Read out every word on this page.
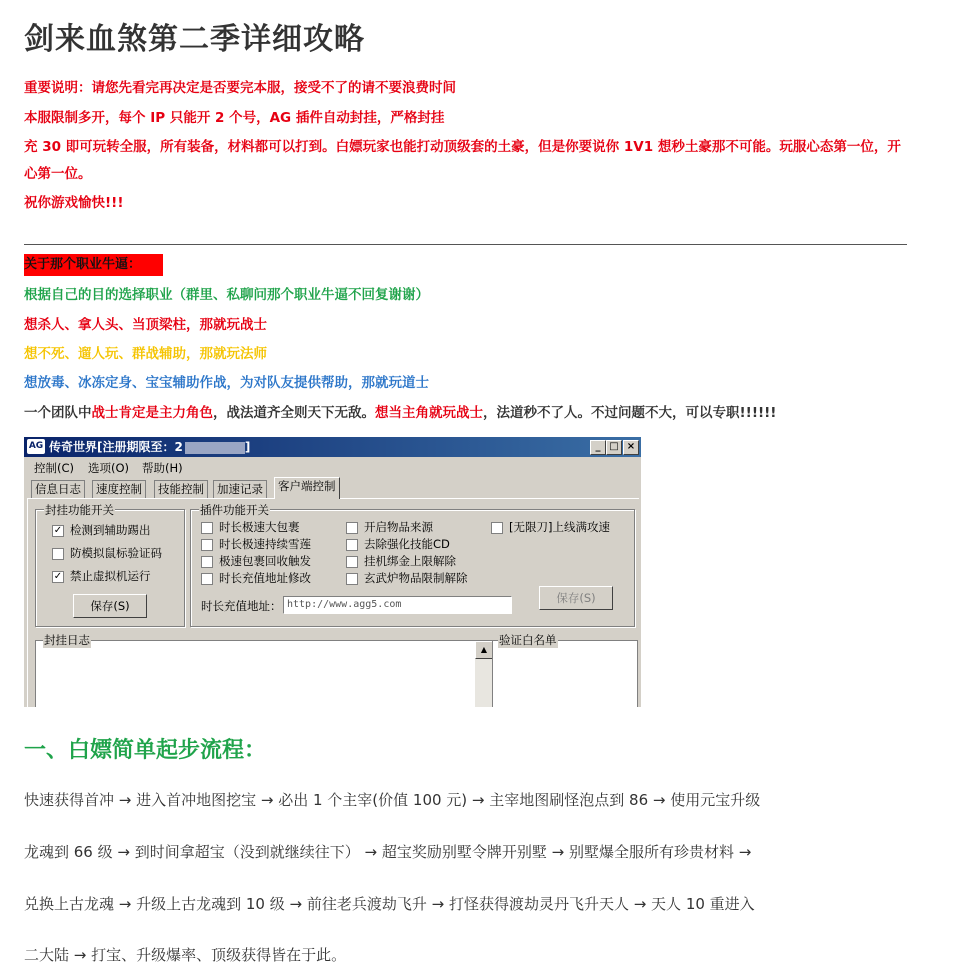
剑来血煞第二季详细攻略

重要说明：请您先看完再决定是否要完本服，接受不了的请不要浪费时间

本服限制多开，每个 IP 只能开 2 个号，AG 插件自动封挂，严格封挂

充 30 即可玩转全服，所有装备，材料都可以打到。白嫖玩家也能打动顶级套的土豪，但是你要说你 1V1 想秒土豪那不可能。玩服心态第一位，开心第一位。

祝你游戏愉快!!!

关于那个职业牛逼：
根据自己的目的选择职业（群里、私聊问那个职业牛逼不回复谢谢）
想杀人、拿人头、当顶梁柱，那就玩战士
想不死、遛人玩、群战辅助，那就玩法师
想放毒、冰冻定身、宝宝辅助作战，为对队友提供帮助，那就玩道士
一个团队中战士肯定是主力角色，战法道齐全则天下无敌。想当主角就玩战士，法道秒不了人。不过问题不大，可以专职!!!!!!
AG 传奇世界[注册期限至：2	]	_ □ ×
控制(C) 选项(O) 帮助(H)
信息日志	速度控制	技能控制	加速记录	客户端控制
封挂功能开关
✓ 检测到辅助踢出
防模拟鼠标验证码
✓ 禁止虚拟机运行
保存(S)
插件功能开关
时长极速大包裹
时长极速持续雪莲
极速包裹回收触发
时长充值地址修改
开启物品来源
去除强化技能CD
挂机绑金上限解除
玄武炉物品限制解除
[无限刀]上线满攻速
时长充值地址： http://www.agg5.com	保存(S)
封挂日志
▲
验证白名单
一、白嫖简单起步流程：
快速获得首冲 → 进入首冲地图挖宝 → 必出 1 个主宰(价值 100 元) → 主宰地图刷怪泡点到 86 → 使用元宝升级
龙魂到 66 级 → 到时间拿超宝（没到就继续往下） → 超宝奖励别墅令牌开别墅 → 别墅爆全服所有珍贵材料 →
兑换上古龙魂 → 升级上古龙魂到 10 级 → 前往老兵渡劫飞升 → 打怪获得渡劫灵丹飞升天人 → 天人 10 重进入
二大陆 → 打宝、升级爆率、顶级获得皆在于此。
